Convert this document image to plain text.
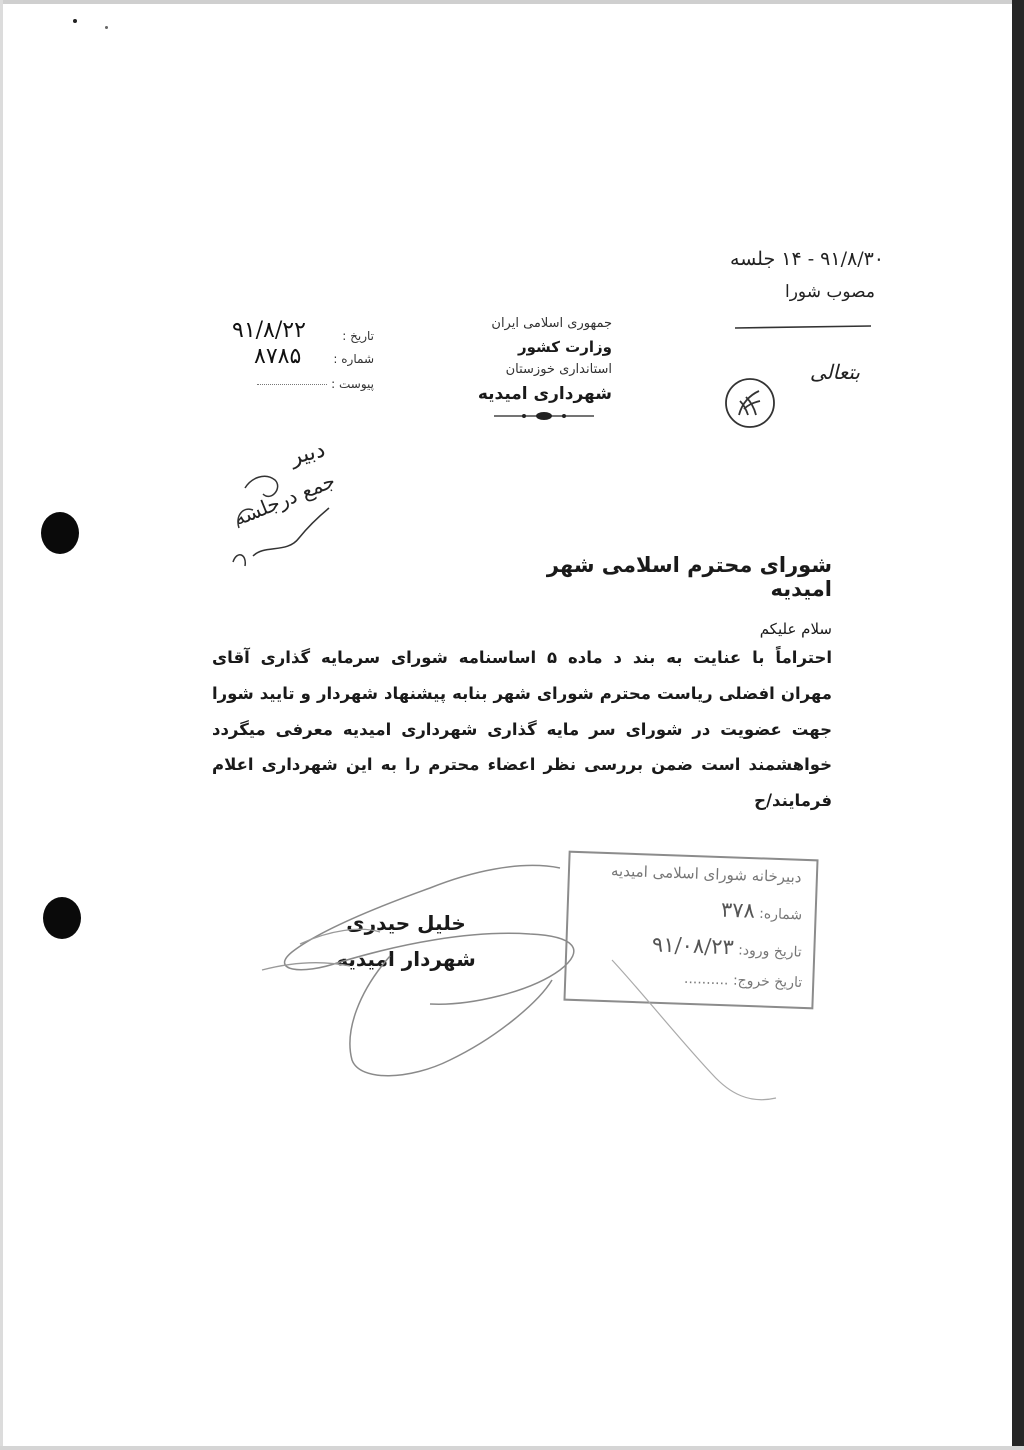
۹۱/۸/۳۰ - ۱۴ جلسه
مصوب شورا
بتعالی
جمهوری اسلامی ایران
وزارت کشور
استانداری خوزستان
شهرداری امیدیه
تاریخ :
شماره :
پیوست :
۹۱/۸/۲۲
۸۷۸۵
دبیر
جمع درجلسه
شورای محترم اسلامی شهر امیدیه
سلام علیکم
احتراماً با عنایت به بند د ماده ۵ اساسنامه شورای سرمایه گذاری آقای
مهران افضلی ریاست محترم شورای شهر بنابه پیشنهاد شهردار و تایید شورا
جهت عضویت در شورای سر مایه گذاری شهرداری امیدیه معرفی میگردد
خواهشمند است ضمن بررسی نظر اعضاء محترم را به این شهرداری اعلام
فرمایند/ح
خلیل حیدری
شهردار امیدیه
دبیرخانه شورای اسلامی امیدیه
شماره: ۳۷۸
تاریخ ورود: ۹۱/۰۸/۲۳
تاریخ خروج: ..........
